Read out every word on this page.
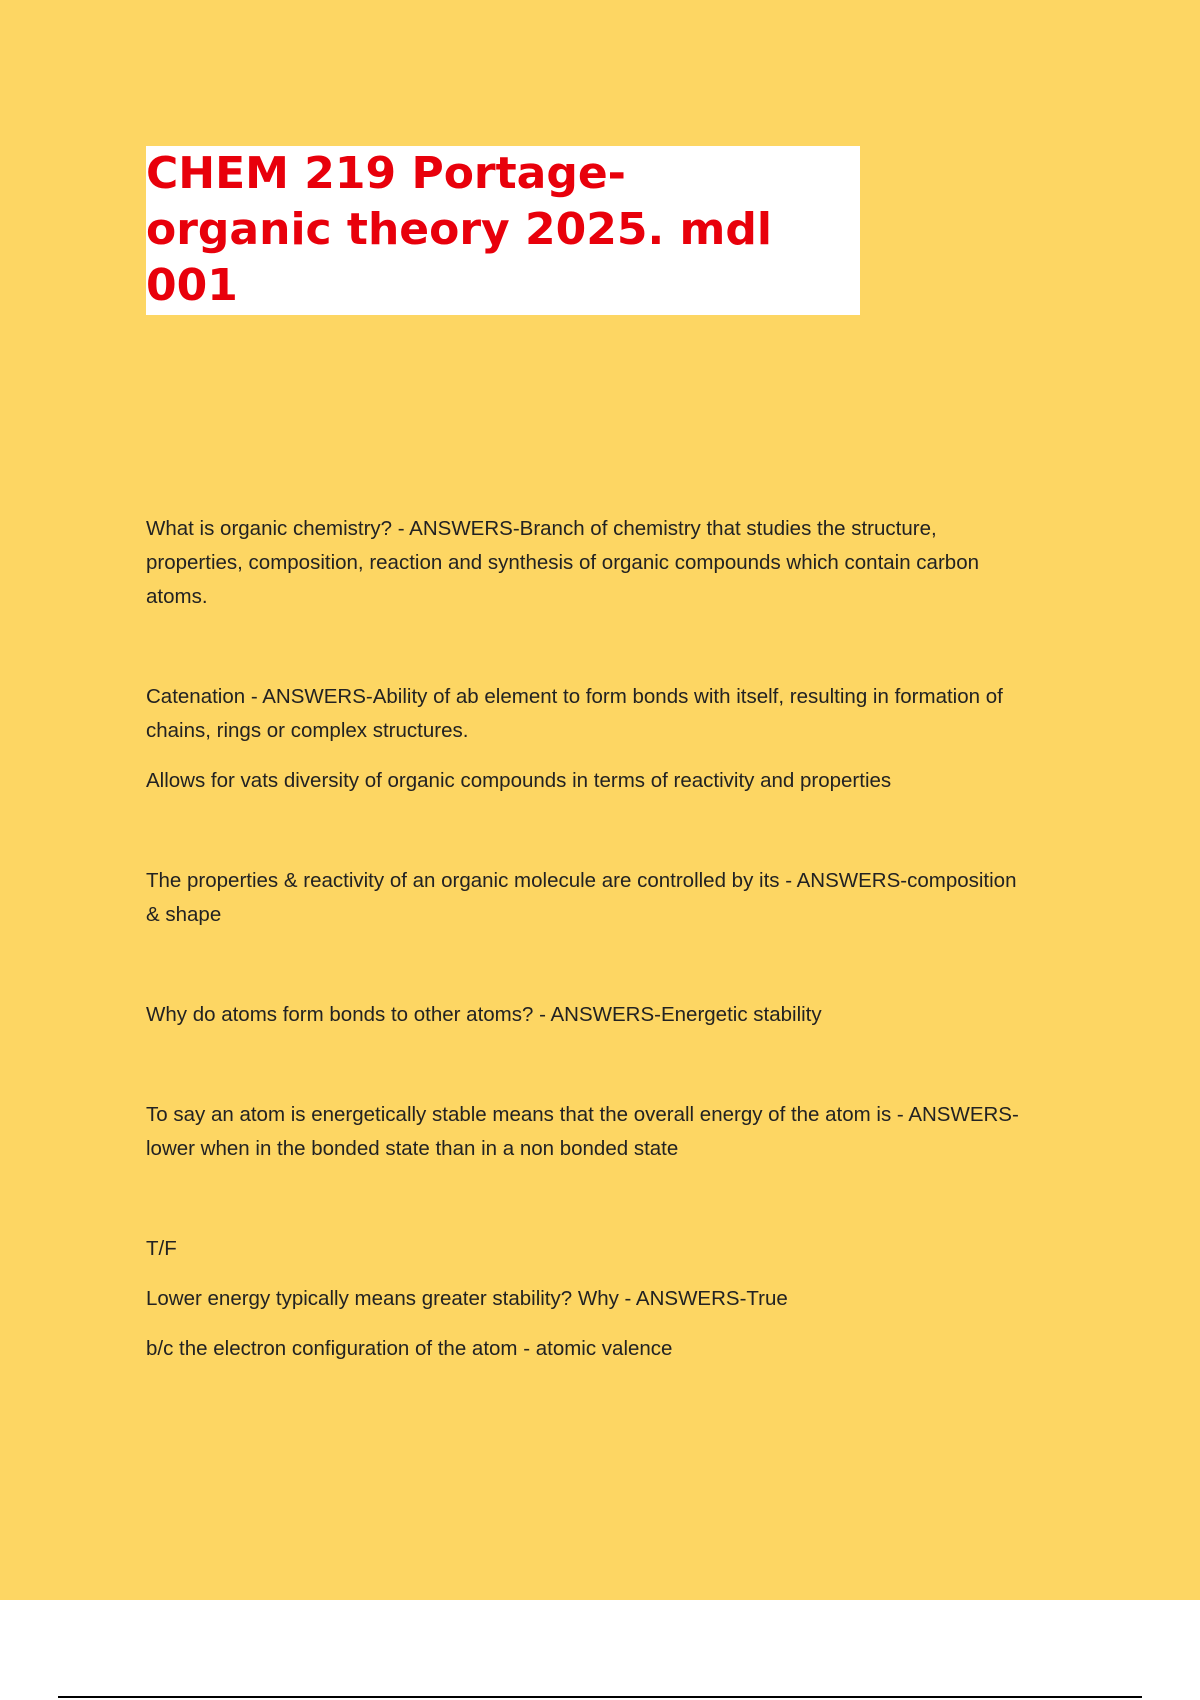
CHEM 219 Portage-
organic theory 2025. mdl
001
What is organic chemistry? - ANSWERS-Branch of chemistry that studies the structure,
properties, composition, reaction and synthesis of organic compounds which contain carbon
atoms.
Catenation - ANSWERS-Ability of ab element to form bonds with itself, resulting in formation of
chains, rings or complex structures.
Allows for vats diversity of organic compounds in terms of reactivity and properties
The properties & reactivity of an organic molecule are controlled by its - ANSWERS-composition
& shape
Why do atoms form bonds to other atoms? - ANSWERS-Energetic stability
To say an atom is energetically stable means that the overall energy of the atom is - ANSWERS-
lower when in the bonded state than in a non bonded state
T/F
Lower energy typically means greater stability? Why - ANSWERS-True
b/c the electron configuration of the atom - atomic valence
